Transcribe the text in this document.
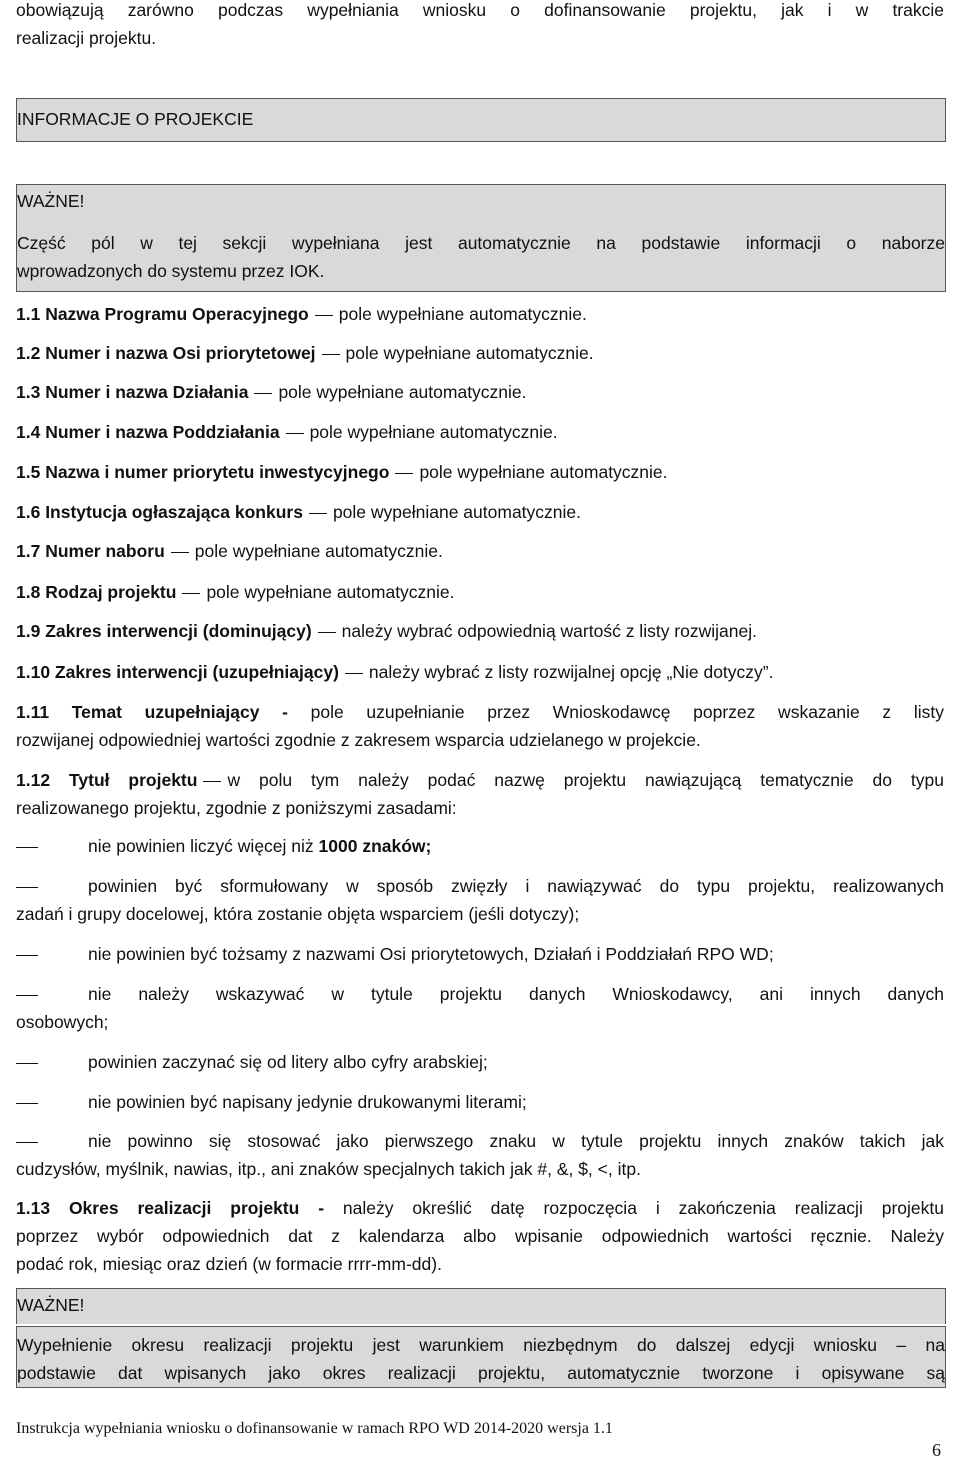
obowiązują zarówno podczas wypełniania wniosku o dofinansowanie projektu, jak i w trakcie
realizacji projektu.
INFORMACJE O PROJEKCIE
WAŻNE!
Część pól w tej sekcji wypełniana jest automatycznie na podstawie informacji o naborze
wprowadzonych do systemu przez IOK.
1.1 Nazwa Programu Operacyjnego pole wypełniane automatycznie.
1.2 Numer i nazwa Osi priorytetowej pole wypełniane automatycznie.
1.3 Numer i nazwa Działania pole wypełniane automatycznie.
1.4 Numer i nazwa Poddziałania pole wypełniane automatycznie.
1.5 Nazwa i numer priorytetu inwestycyjnego pole wypełniane automatycznie.
1.6 Instytucja ogłaszająca konkurs pole wypełniane automatycznie.
1.7 Numer naboru pole wypełniane automatycznie.
1.8 Rodzaj projektu pole wypełniane automatycznie.
1.9 Zakres interwencji (dominujący) należy wybrać odpowiednią wartość z listy rozwijanej.
1.10 Zakres interwencji (uzupełniający) należy wybrać z listy rozwijalnej opcję „Nie dotyczy”.
1.11 Temat uzupełniający - pole uzupełnianie przez Wnioskodawcę poprzez wskazanie z listy
rozwijanej odpowiedniej wartości zgodnie z zakresem wsparcia udzielanego w projekcie.
1.12 Tytuł projektu w polu tym należy podać nazwę projektu nawiązującą tematycznie do typu
realizowanego projektu, zgodnie z poniższymi zasadami:
nie powinien liczyć więcej niż 1000 znaków;
powinien być sformułowany w sposób zwięzły i nawiązywać do typu projektu, realizowanych
zadań i grupy docelowej, która zostanie objęta wsparciem (jeśli dotyczy);
nie powinien być tożsamy z nazwami Osi priorytetowych, Działań i Poddziałań RPO WD;
nie należy wskazywać w tytule projektu danych Wnioskodawcy, ani innych danych
osobowych;
powinien zaczynać się od litery albo cyfry arabskiej;
nie powinien być napisany jedynie drukowanymi literami;
nie powinno się stosować jako pierwszego znaku w tytule projektu innych znaków takich jak
cudzysłów, myślnik, nawias, itp., ani znaków specjalnych takich jak #, &, $, <, itp.
1.13 Okres realizacji projektu - należy określić datę rozpoczęcia i zakończenia realizacji projektu
poprzez wybór odpowiednich dat z kalendarza albo wpisanie odpowiednich wartości ręcznie. Należy
podać rok, miesiąc oraz dzień (w formacie rrrr-mm-dd).
WAŻNE!
Wypełnienie okresu realizacji projektu jest warunkiem niezbędnym do dalszej edycji wniosku – na
podstawie dat wpisanych jako okres realizacji projektu, automatycznie tworzone i opisywane są
Instrukcja wypełniania wniosku o dofinansowanie w ramach RPO WD 2014-2020 wersja 1.1
6
